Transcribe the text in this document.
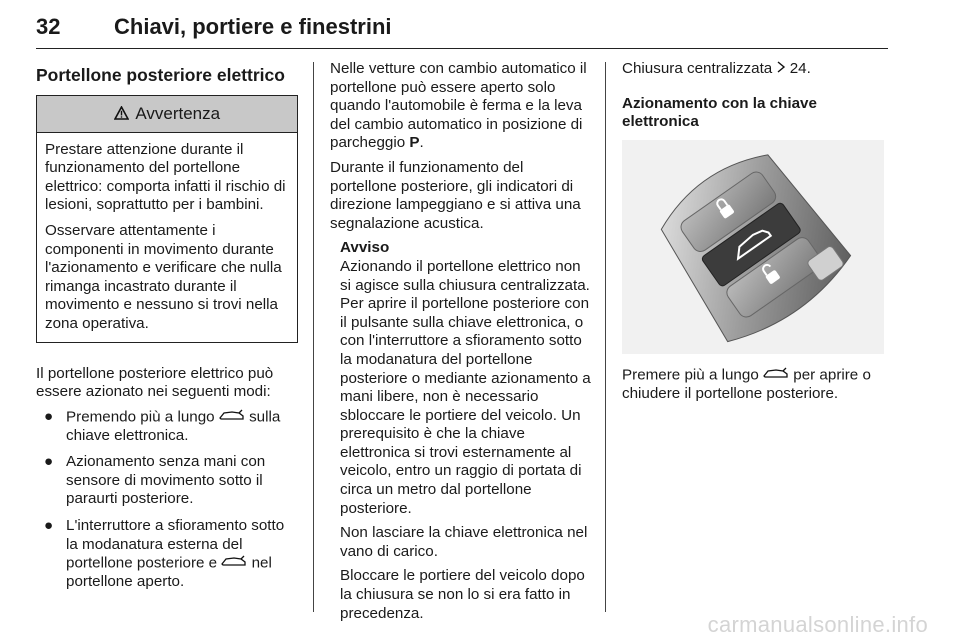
32 Chiavi, portiere e finestrini
Portellone posteriore elettrico
Avvertenza

Prestare attenzione durante il funzionamento del portellone elettrico: comporta infatti il rischio di lesioni, soprattutto per i bambini.

Osservare attentamente i componenti in movimento durante l'azionamento e verificare che nulla rimanga incastrato durante il movimento e nessuno si trovi nella zona operativa.

Il portellone posteriore elettrico può essere azionato nei seguenti modi:

● Premendo più a lungo sulla chiave elettronica.
● Azionamento senza mani con sensore di movimento sotto il paraurti posteriore.
● L'interruttore a sfioramento sotto la modanatura esterna del portellone posteriore e nel portellone aperto.

Nelle vetture con cambio automatico il portellone può essere aperto solo quando l'automobile è ferma e la leva del cambio automatico in posizione di parcheggio P.

Durante il funzionamento del portellone posteriore, gli indicatori di direzione lampeggiano e si attiva una segnalazione acustica.

Avviso

Azionando il portellone elettrico non si agisce sulla chiusura centralizzata. Per aprire il portellone posteriore con il pulsante sulla chiave elettronica, o con l'interruttore a sfioramento sotto la modanatura del portellone posteriore o mediante azionamento a mani libere, non è necessario sbloccare le portiere del veicolo. Un prerequisito è che la chiave elettronica si trovi esternamente al veicolo, entro un raggio di portata di circa un metro dal portellone posteriore.

Non lasciare la chiave elettronica nel vano di carico.

Bloccare le portiere del veicolo dopo la chiusura se non lo si era fatto in precedenza.

Chiusura centralizzata 24.

Azionamento con la chiave elettronica

Premere più a lungo per aprire o chiudere il portellone posteriore.

carmanualsonline.info
